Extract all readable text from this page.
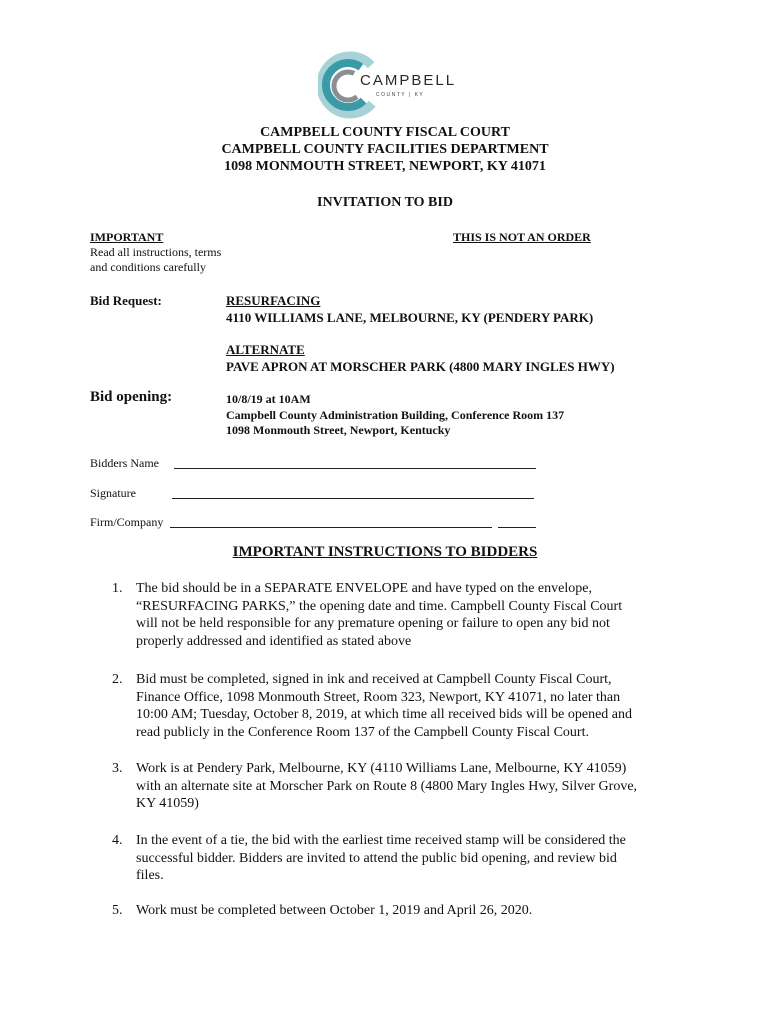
CAMPBELL
COUNTY | KY
CAMPBELL COUNTY FISCAL COURT
CAMPBELL COUNTY FACILITIES DEPARTMENT
1098 MONMOUTH STREET, NEWPORT, KY 41071
INVITATION TO BID
IMPORTANT
Read all instructions, terms
and conditions carefully
THIS IS NOT AN ORDER
Bid Request:	RESURFACING
4110 WILLIAMS LANE, MELBOURNE, KY (PENDERY PARK)
ALTERNATE
PAVE APRON AT MORSCHER PARK (4800 MARY INGLES HWY)
Bid opening:	10/8/19 at 10AM
Campbell County Administration Building, Conference Room 137
1098 Monmouth Street, Newport, Kentucky
Bidders Name
Signature
Firm/Company
IMPORTANT INSTRUCTIONS TO BIDDERS
1. The bid should be in a SEPARATE ENVELOPE and have typed on the envelope,
“RESURFACING PARKS,” the opening date and time. Campbell County Fiscal Court
will not be held responsible for any premature opening or failure to open any bid not
properly addressed and identified as stated above
2. Bid must be completed, signed in ink and received at Campbell County Fiscal Court,
Finance Office, 1098 Monmouth Street, Room 323, Newport, KY 41071, no later than
10:00 AM; Tuesday, October 8, 2019, at which time all received bids will be opened and
read publicly in the Conference Room 137 of the Campbell County Fiscal Court.
3. Work is at Pendery Park, Melbourne, KY (4110 Williams Lane, Melbourne, KY 41059)
with an alternate site at Morscher Park on Route 8 (4800 Mary Ingles Hwy, Silver Grove,
KY 41059)
4. In the event of a tie, the bid with the earliest time received stamp will be considered the
successful bidder. Bidders are invited to attend the public bid opening, and review bid
files.
5. Work must be completed between October 1, 2019 and April 26, 2020.
